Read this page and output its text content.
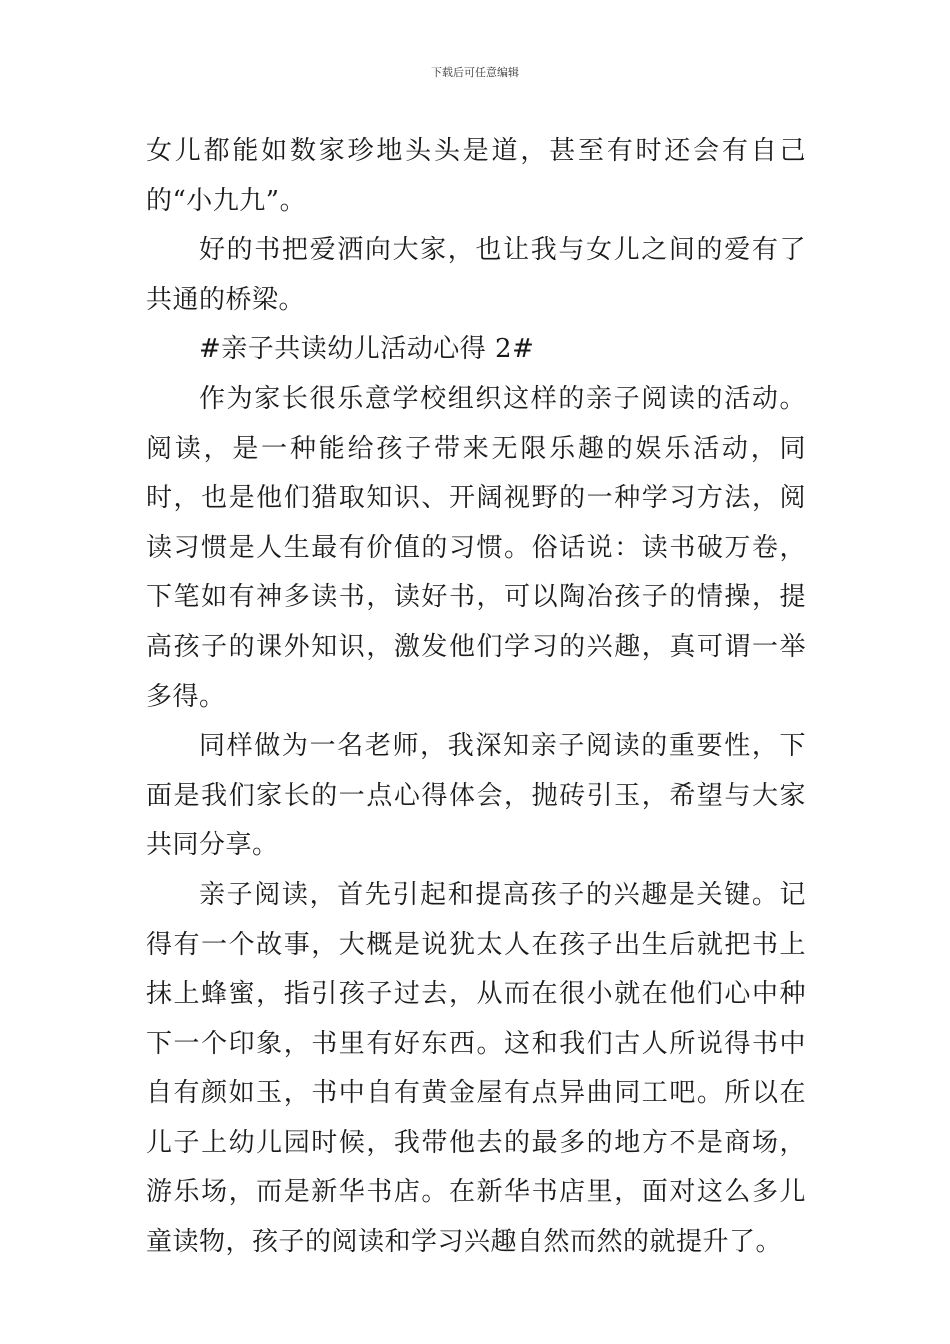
下载后可任意编辑

女儿都能如数家珍地头头是道，甚至有时还会有自己的“小九九”。

好的书把爱洒向大家，也让我与女儿之间的爱有了共通的桥梁。

#亲子共读幼儿活动心得 2#

作为家长很乐意学校组织这样的亲子阅读的活动。阅读，是一种能给孩子带来无限乐趣的娱乐活动，同时，也是他们猎取知识、开阔视野的一种学习方法，阅读习惯是人生最有价值的习惯。俗话说：读书破万卷，下笔如有神多读书，读好书，可以陶冶孩子的情操，提高孩子的课外知识，激发他们学习的兴趣，真可谓一举多得。

同样做为一名老师，我深知亲子阅读的重要性，下面是我们家长的一点心得体会，抛砖引玉，希望与大家共同分享。

亲子阅读，首先引起和提高孩子的兴趣是关键。记得有一个故事，大概是说犹太人在孩子出生后就把书上抹上蜂蜜，指引孩子过去，从而在很小就在他们心中种下一个印象，书里有好东西。这和我们古人所说得书中自有颜如玉，书中自有黄金屋有点异曲同工吧。所以在儿子上幼儿园时候，我带他去的最多的地方不是商场，游乐场，而是新华书店。在新华书店里，面对这么多儿童读物，孩子的阅读和学习兴趣自然而然的就提升了。
